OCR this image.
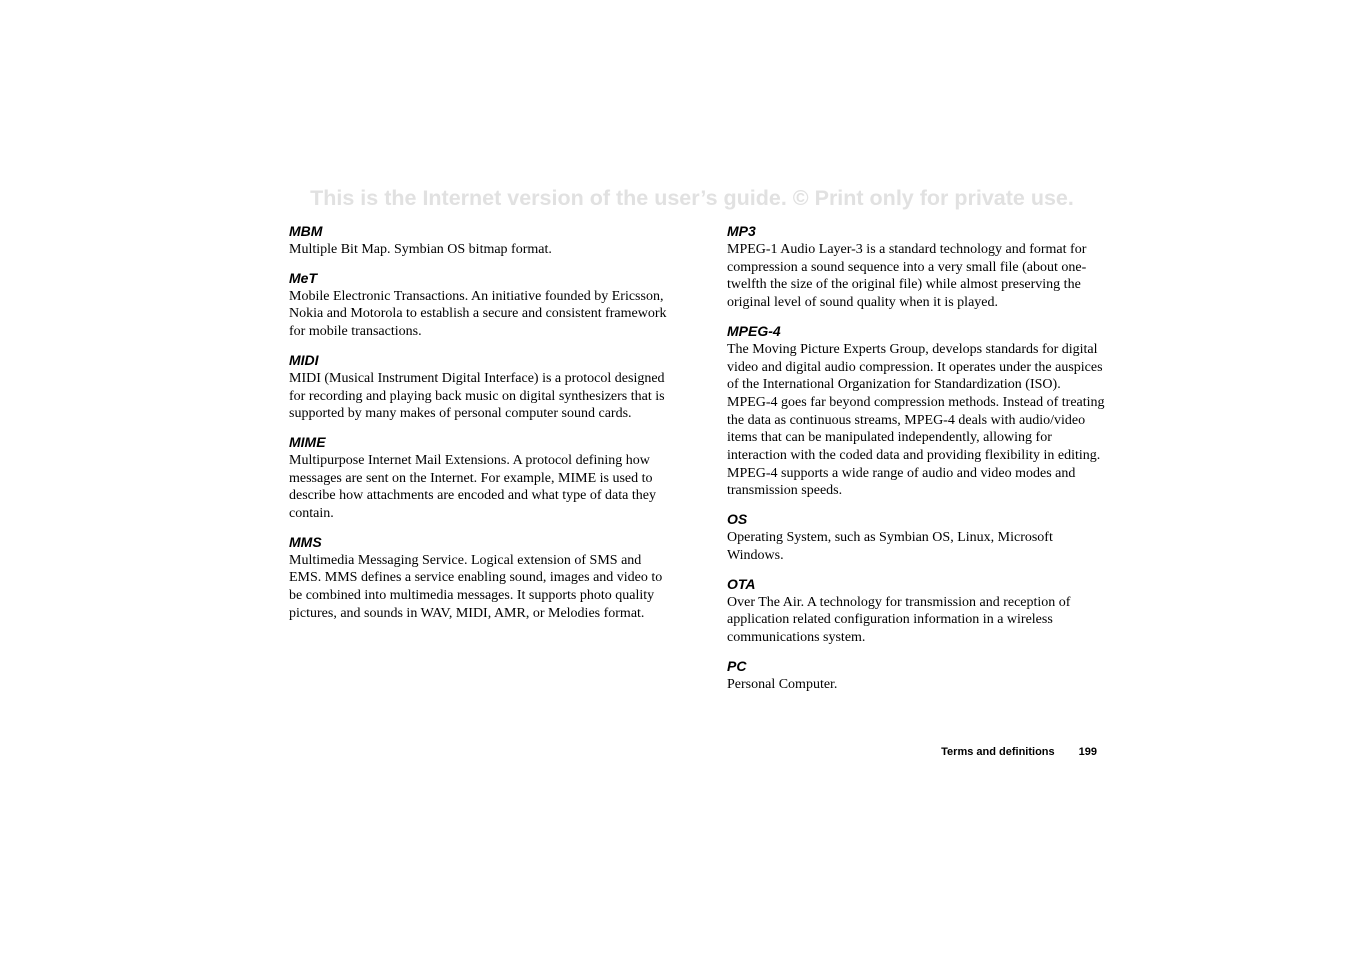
This is the Internet version of the user’s guide. © Print only for private use.
MBM
Multiple Bit Map. Symbian OS bitmap format.
MeT
Mobile Electronic Transactions. An initiative founded by Ericsson, Nokia and Motorola to establish a secure and consistent framework for mobile transactions.
MIDI
MIDI (Musical Instrument Digital Interface) is a protocol designed for recording and playing back music on digital synthesizers that is supported by many makes of personal computer sound cards.
MIME
Multipurpose Internet Mail Extensions. A protocol defining how messages are sent on the Internet. For example, MIME is used to describe how attachments are encoded and what type of data they contain.
MMS
Multimedia Messaging Service. Logical extension of SMS and EMS. MMS defines a service enabling sound, images and video to be combined into multimedia messages. It supports photo quality pictures, and sounds in WAV, MIDI, AMR, or Melodies format.
MP3
MPEG-1 Audio Layer-3 is a standard technology and format for compression a sound sequence into a very small file (about one-twelfth the size of the original file) while almost preserving the original level of sound quality when it is played.
MPEG-4
The Moving Picture Experts Group, develops standards for digital video and digital audio compression. It operates under the auspices of the International Organization for Standardization (ISO). MPEG-4 goes far beyond compression methods. Instead of treating the data as continuous streams, MPEG-4 deals with audio/video items that can be manipulated independently, allowing for interaction with the coded data and providing flexibility in editing. MPEG-4 supports a wide range of audio and video modes and transmission speeds.
OS
Operating System, such as Symbian OS, Linux, Microsoft Windows.
OTA
Over The Air. A technology for transmission and reception of application related configuration information in a wireless communications system.
PC
Personal Computer.
Terms and definitions 199
